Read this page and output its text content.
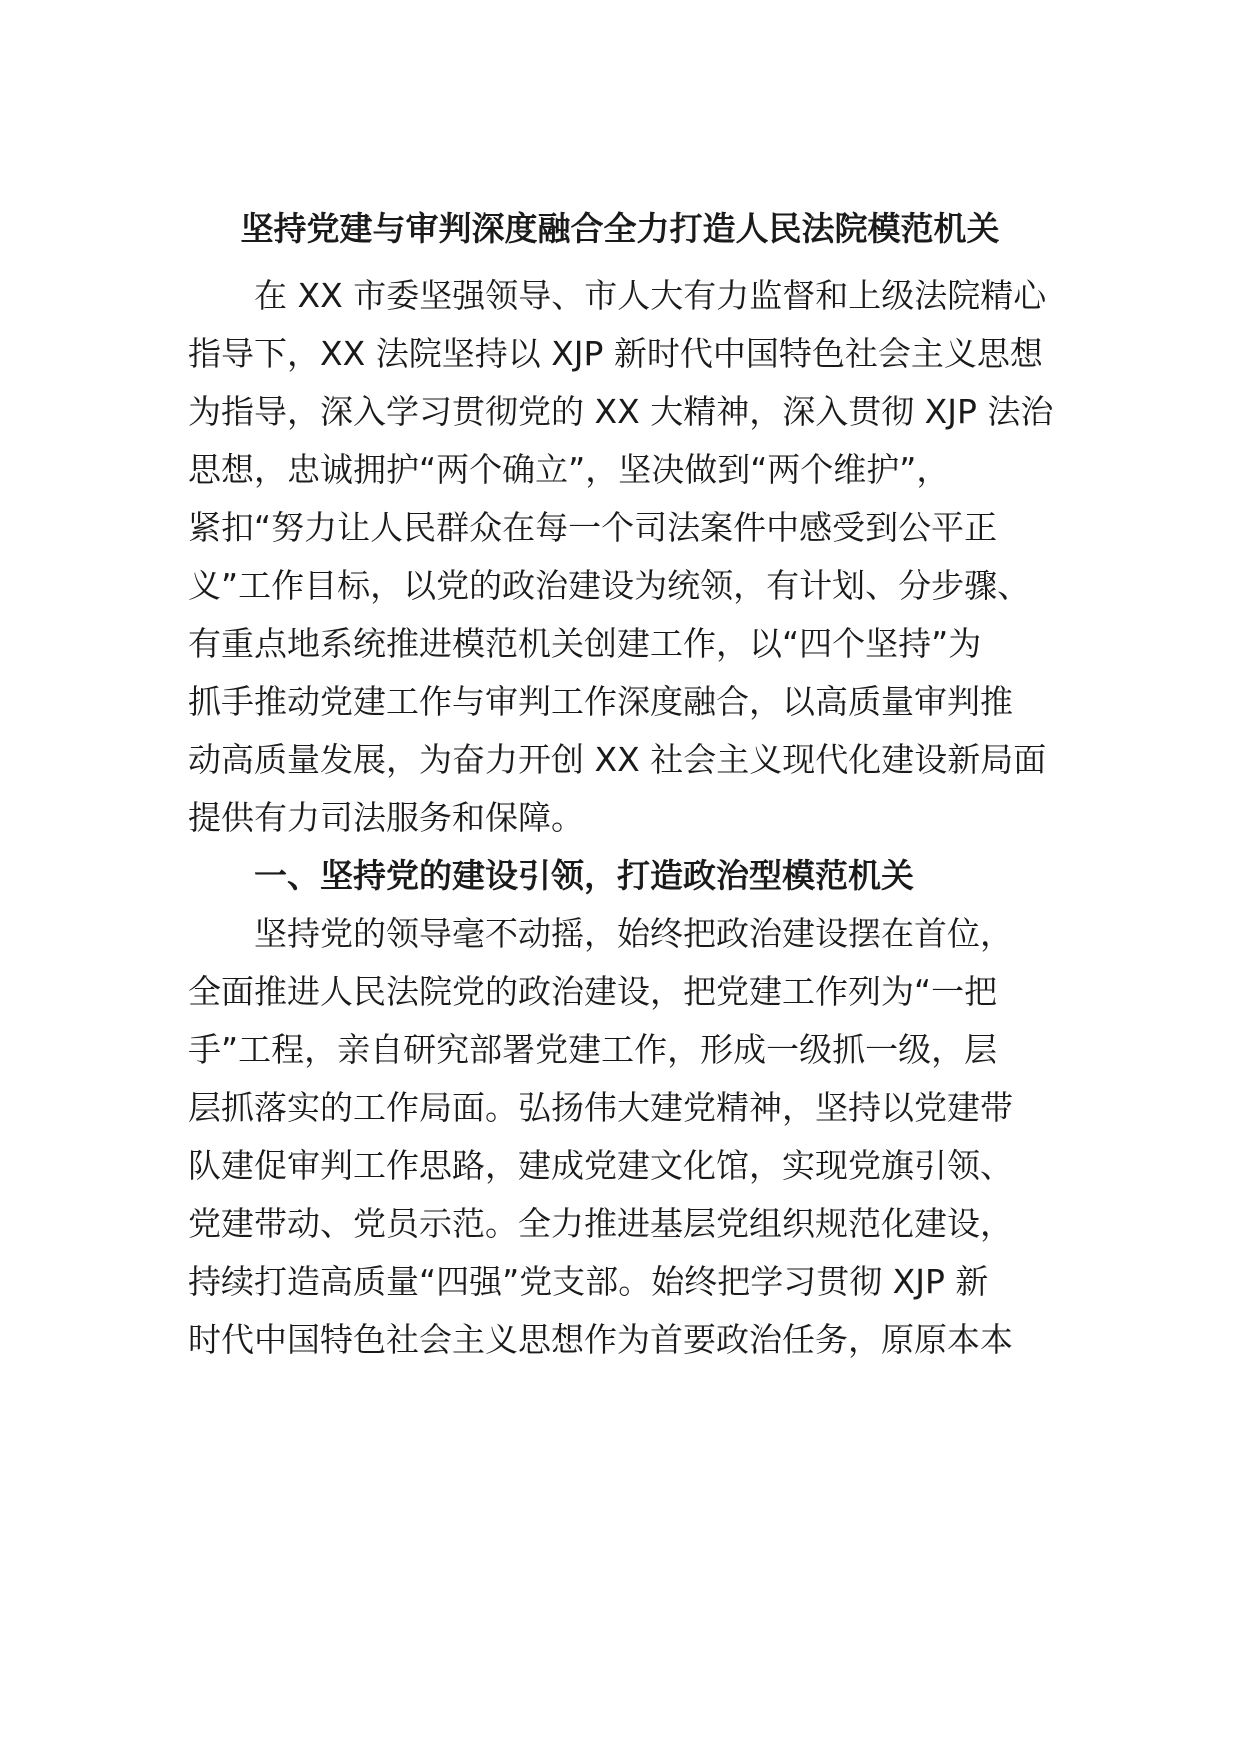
坚持党建与审判深度融合全力打造人民法院模范机关
在 XX 市委坚强领导、市人大有力监督和上级法院精心
指导下，XX 法院坚持以 XJP 新时代中国特色社会主义思想
为指导，深入学习贯彻党的 XX 大精神，深入贯彻 XJP 法治
思想，忠诚拥护“两个确立”，坚决做到“两个维护”，
紧扣“努力让人民群众在每一个司法案件中感受到公平正
义”工作目标，以党的政治建设为统领，有计划、分步骤、
有重点地系统推进模范机关创建工作，以“四个坚持”为
抓手推动党建工作与审判工作深度融合，以高质量审判推
动高质量发展，为奋力开创 XX 社会主义现代化建设新局面
提供有力司法服务和保障。
一、坚持党的建设引领，打造政治型模范机关
坚持党的领导毫不动摇，始终把政治建设摆在首位，
全面推进人民法院党的政治建设，把党建工作列为“一把
手”工程，亲自研究部署党建工作，形成一级抓一级，层
层抓落实的工作局面。弘扬伟大建党精神，坚持以党建带
队建促审判工作思路，建成党建文化馆，实现党旗引领、
党建带动、党员示范。全力推进基层党组织规范化建设，
持续打造高质量“四强”党支部。始终把学习贯彻 XJP 新
时代中国特色社会主义思想作为首要政治任务，原原本本
